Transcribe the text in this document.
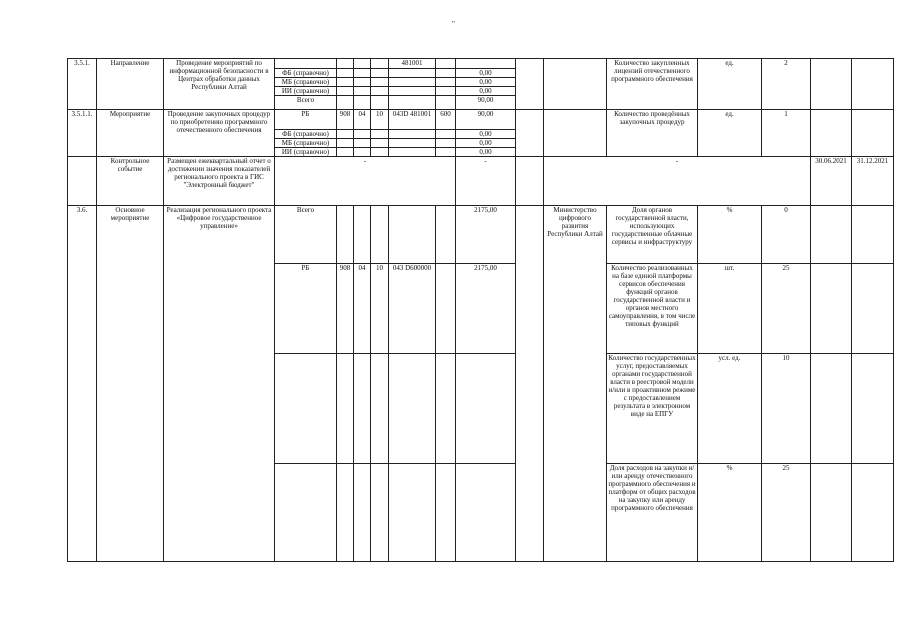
"
3.5.1.	Направление	Проведение мероприятий по информационной безопасности в Центрах обработки данных Республики Алтай					481001					Количество закупленных лицензий отечественного программного обеспечения	ед.	2		
			ФБ (справочно)						0,00							
			МБ (справочно)						0,00							
			ИИ (справочно)						0,00							
			Всего						90,00							
3.5.1.1.	Мероприятие	Проведение закупочных процедур по приобретению программного отечественного обеспечения	РБ	908	04	10	043D 481001	600	90,00			Количество проведённых закупочных процедур	ед.	1		
			ФБ (справочно)						0,00							
			МБ (справочно)						0,00							
			ИИ (справочно)						0,00							
	Контрольное событие	Размещен ежеквартальный отчет о достижении значения показателей регионального проекта в ГИС "Электронный бюджет"	-						-		-				30.06.2021	31.12.2021
3.6.	Основное мероприятие	Реализация регионального проекта «Цифровое государственное управление»	Всего						2175,00		Министерство цифрового развития Республики Алтай	Доля органов государственной власти, использующих государственные облачные сервисы и инфраструктуру	%	0		
			РБ	908	04	10	043 D600000		2175,00			Количество реализованных на базе единой платформы сервисов обеспечения функций органов государственной власти и органов местного самоуправления, в том числе типовых функций	шт.	25		
												Количество государственных услуг, предоставляемых органами государственной власти в реестровой модели и/или в проактивном режиме с предоставлением результата в электронном виде на ЕПГУ	усл. ед.	10		
												Доля расходов на закупки и/или аренду отечественного программного обеспечения и платформ от общих расходов на закупку или аренду программного обеспечения	%	25		
